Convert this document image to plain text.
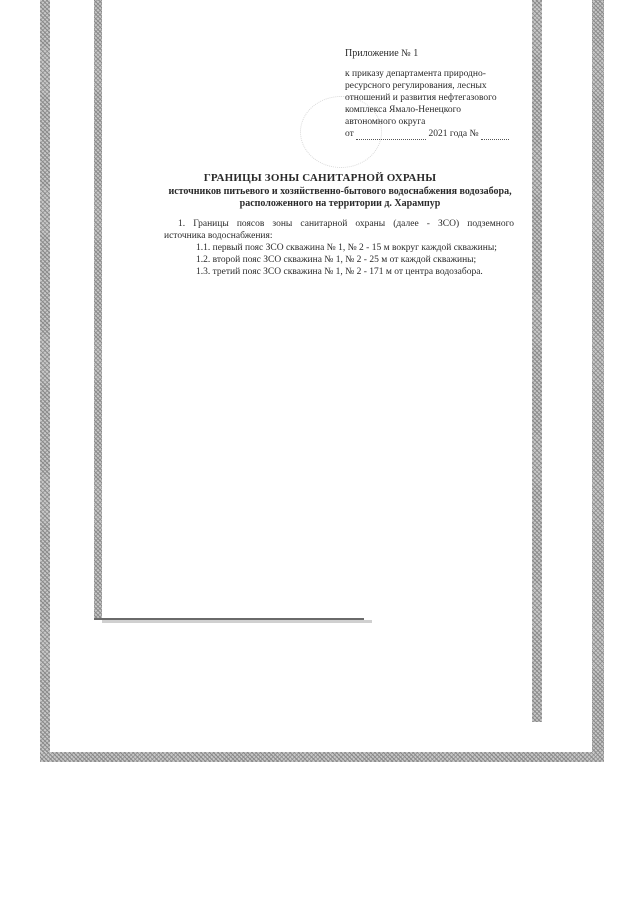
Приложение № 1
к приказу департамента природно-
ресурсного регулирования, лесных
отношений и развития нефтегазового
комплекса Ямало-Ненецкого
автономного округа
от	2021 года №
ГРАНИЦЫ ЗОНЫ САНИТАРНОЙ ОХРАНЫ
источников питьевого и хозяйственно-бытового водоснабжения водозабора,
расположенного на территории д. Харампур
1. Границы поясов зоны санитарной охраны (далее - ЗСО) подземного
источника водоснабжения:
1.1. первый пояс ЗСО скважина № 1, № 2 - 15 м вокруг каждой скважины;
1.2. второй пояс ЗСО скважина № 1, № 2 - 25 м от каждой скважины;
1.3. третий пояс ЗСО скважина № 1, № 2 - 171 м от центра водозабора.
